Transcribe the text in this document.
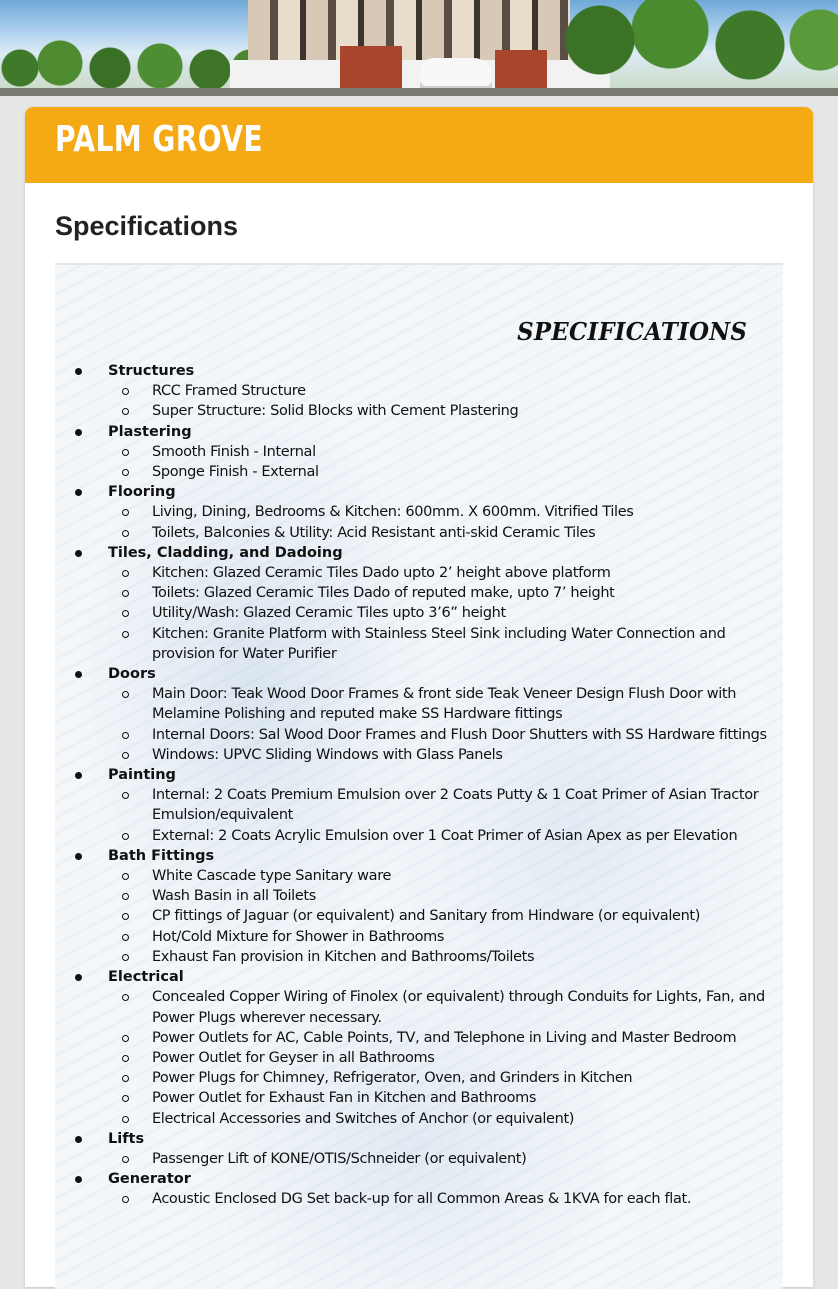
PALM GROVE
Specifications
SPECIFICATIONS
Structures
RCC Framed Structure
Super Structure: Solid Blocks with Cement Plastering
Plastering
Smooth Finish - Internal
Sponge Finish - External
Flooring
Living, Dining, Bedrooms & Kitchen: 600mm. X 600mm. Vitrified Tiles
Toilets, Balconies & Utility: Acid Resistant anti-skid Ceramic Tiles
Tiles, Cladding, and Dadoing
Kitchen: Glazed Ceramic Tiles Dado upto 2’ height above platform
Toilets: Glazed Ceramic Tiles Dado of reputed make, upto 7’ height
Utility/Wash: Glazed Ceramic Tiles upto 3’6” height
Kitchen: Granite Platform with Stainless Steel Sink including Water Connection and provision for Water Purifier
Doors
Main Door: Teak Wood Door Frames & front side Teak Veneer Design Flush Door with Melamine Polishing and reputed make SS Hardware fittings
Internal Doors: Sal Wood Door Frames and Flush Door Shutters with SS Hardware fittings
Windows: UPVC Sliding Windows with Glass Panels
Painting
Internal: 2 Coats Premium Emulsion over 2 Coats Putty & 1 Coat Primer of Asian Tractor Emulsion/equivalent
External: 2 Coats Acrylic Emulsion over 1 Coat Primer of Asian Apex as per Elevation
Bath Fittings
White Cascade type Sanitary ware
Wash Basin in all Toilets
CP fittings of Jaguar (or equivalent) and Sanitary from Hindware (or equivalent)
Hot/Cold Mixture for Shower in Bathrooms
Exhaust Fan provision in Kitchen and Bathrooms/Toilets
Electrical
Concealed Copper Wiring of Finolex (or equivalent) through Conduits for Lights, Fan, and Power Plugs wherever necessary.
Power Outlets for AC, Cable Points, TV, and Telephone in Living and Master Bedroom
Power Outlet for Geyser in all Bathrooms
Power Plugs for Chimney, Refrigerator, Oven, and Grinders in Kitchen
Power Outlet for Exhaust Fan in Kitchen and Bathrooms
Electrical Accessories and Switches of Anchor (or equivalent)
Lifts
Passenger Lift of KONE/OTIS/Schneider (or equivalent)
Generator
Acoustic Enclosed DG Set back-up for all Common Areas & 1KVA for each flat.
